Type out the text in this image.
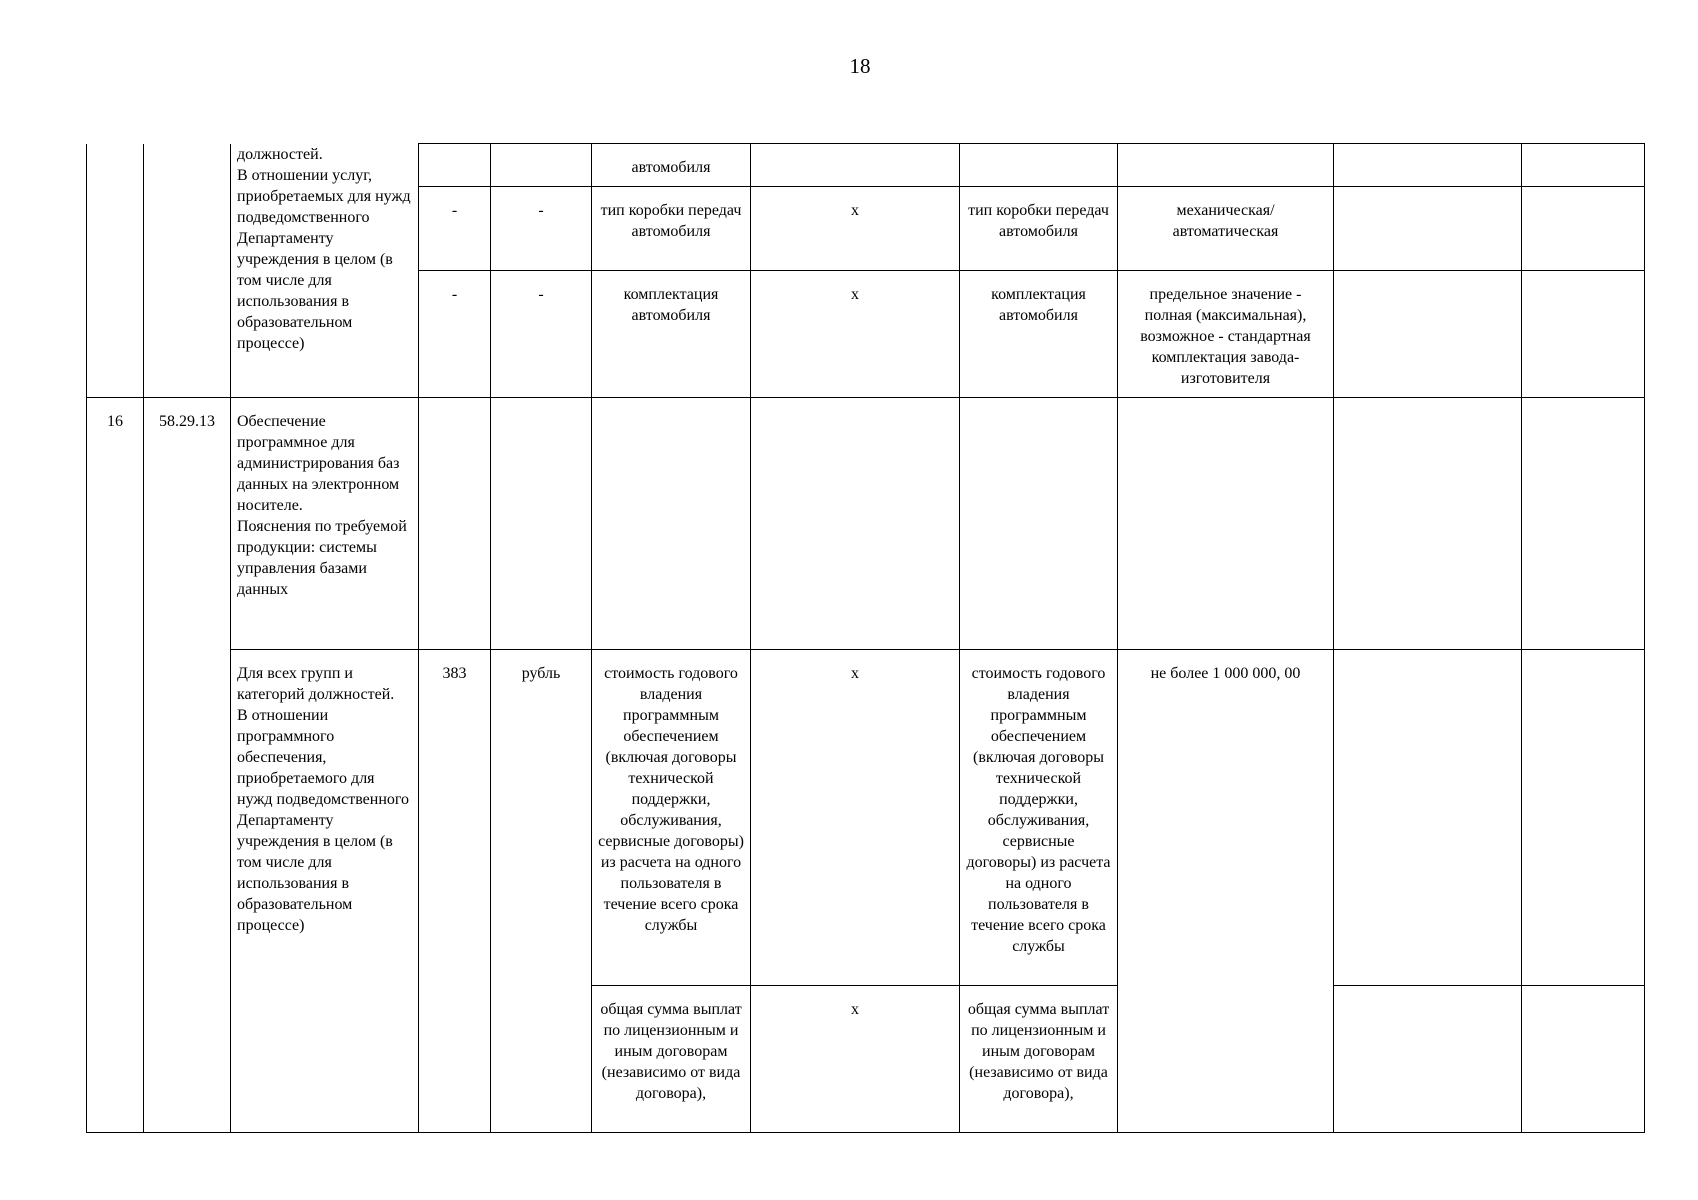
18
		должностей.
В отношении услуг, приобретаемых для нужд подведомственного Департаменту учреждения в целом (в том числе для использования в образовательном процессе)			автомобиля					
			-	-	тип коробки передач автомобиля	х	тип коробки передач автомобиля	механическая/ автоматическая		
			-	-	комплектация автомобиля	х	комплектация автомобиля	предельное значение - полная (максимальная), возможное - стандартная комплектация завода-изготовителя		
16	58.29.13	Обеспечение программное для администрирования баз данных на электронном носителе.
Пояснения по требуемой продукции: системы управления базами данных								
		Для всех групп и категорий должностей.
В отношении программного обеспечения, приобретаемого для нужд подведомственного Департаменту учреждения в целом (в том числе для использования в образовательном процессе)	383	рубль	стоимость годового владения программным обеспечением (включая договоры технической поддержки, обслуживания, сервисные договоры) из расчета на одного пользователя в течение всего срока службы	х	стоимость годового владения программным обеспечением (включая договоры технической поддержки, обслуживания, сервисные договоры) из расчета на одного пользователя в течение всего срока службы	не более 1 000 000, 00		
					общая сумма выплат по лицензионным и иным договорам (независимо от вида договора),	х	общая сумма выплат по лицензионным и иным договорам (независимо от вида договора),			
